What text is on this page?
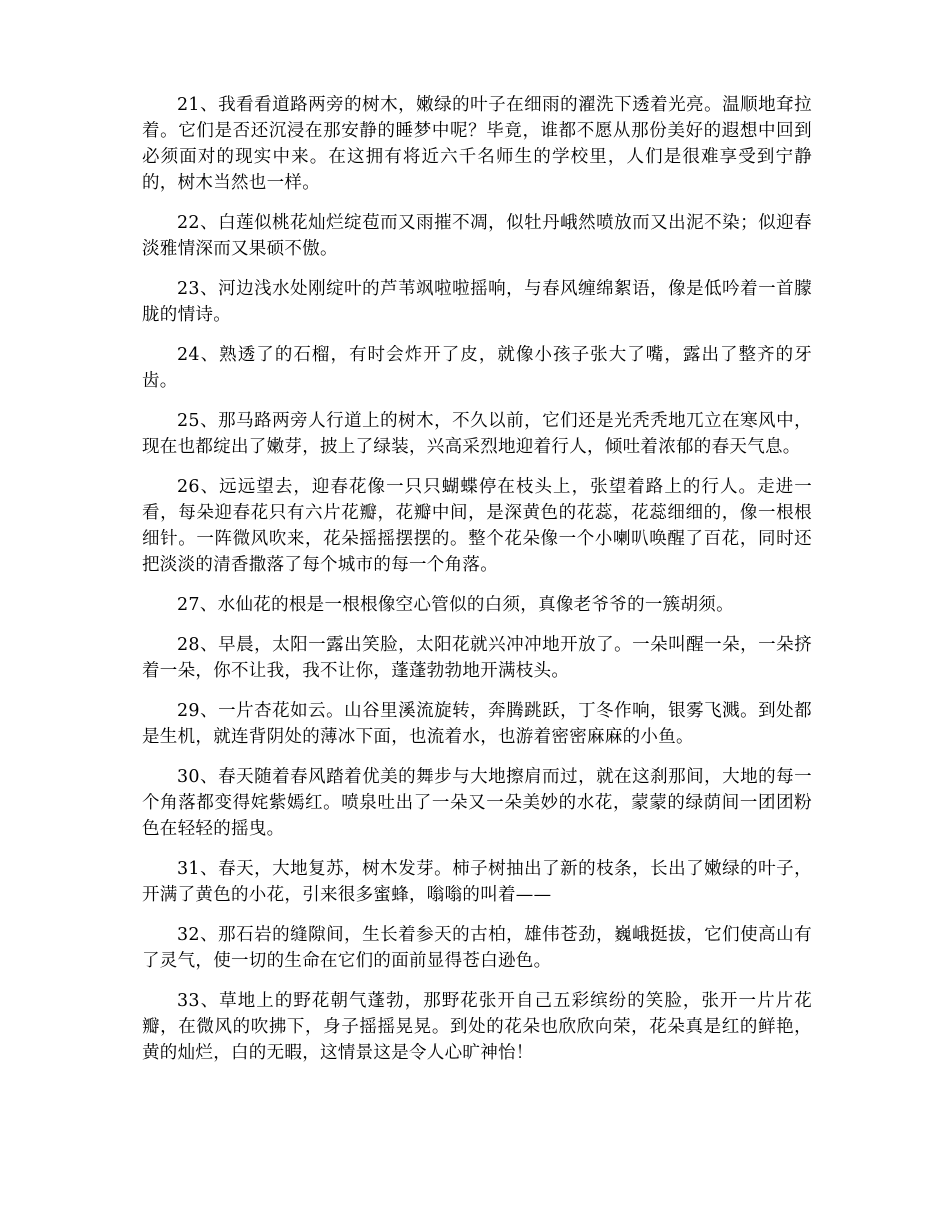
21、我看看道路两旁的树木，嫩绿的叶子在细雨的濯洗下透着光亮。温顺地耷拉着。它们是否还沉浸在那安静的睡梦中呢？毕竟，谁都不愿从那份美好的遐想中回到必须面对的现实中来。在这拥有将近六千名师生的学校里，人们是很难享受到宁静的，树木当然也一样。

22、白莲似桃花灿烂绽苞而又雨摧不凋，似牡丹峨然喷放而又出泥不染；似迎春淡雅情深而又果硕不傲。

23、河边浅水处刚绽叶的芦苇飒啦啦摇响，与春风缠绵絮语，像是低吟着一首朦胧的情诗。

24、熟透了的石榴，有时会炸开了皮，就像小孩子张大了嘴，露出了整齐的牙齿。

25、那马路两旁人行道上的树木，不久以前，它们还是光秃秃地兀立在寒风中，现在也都绽出了嫩芽，披上了绿装，兴高采烈地迎着行人，倾吐着浓郁的春天气息。

26、远远望去，迎春花像一只只蝴蝶停在枝头上，张望着路上的行人。走进一看，每朵迎春花只有六片花瓣，花瓣中间，是深黄色的花蕊，花蕊细细的，像一根根细针。一阵微风吹来，花朵摇摇摆摆的。整个花朵像一个小喇叭唤醒了百花，同时还把淡淡的清香撒落了每个城市的每一个角落。

27、水仙花的根是一根根像空心管似的白须，真像老爷爷的一簇胡须。

28、早晨，太阳一露出笑脸，太阳花就兴冲冲地开放了。一朵叫醒一朵，一朵挤着一朵，你不让我，我不让你，蓬蓬勃勃地开满枝头。

29、一片杏花如云。山谷里溪流旋转，奔腾跳跃，丁冬作响，银雾飞溅。到处都是生机，就连背阴处的薄冰下面，也流着水，也游着密密麻麻的小鱼。

30、春天随着春风踏着优美的舞步与大地擦肩而过，就在这刹那间，大地的每一个角落都变得姹紫嫣红。喷泉吐出了一朵又一朵美妙的水花，蒙蒙的绿荫间一团团粉色在轻轻的摇曳。

31、春天，大地复苏，树木发芽。柿子树抽出了新的枝条，长出了嫩绿的叶子，开满了黄色的小花，引来很多蜜蜂，嗡嗡的叫着——

32、那石岩的缝隙间，生长着参天的古柏，雄伟苍劲，巍峨挺拔，它们使高山有了灵气，使一切的生命在它们的面前显得苍白逊色。

33、草地上的野花朝气蓬勃，那野花张开自己五彩缤纷的笑脸，张开一片片花瓣，在微风的吹拂下，身子摇摇晃晃。到处的花朵也欣欣向荣，花朵真是红的鲜艳，黄的灿烂，白的无暇，这情景这是令人心旷神怡！
